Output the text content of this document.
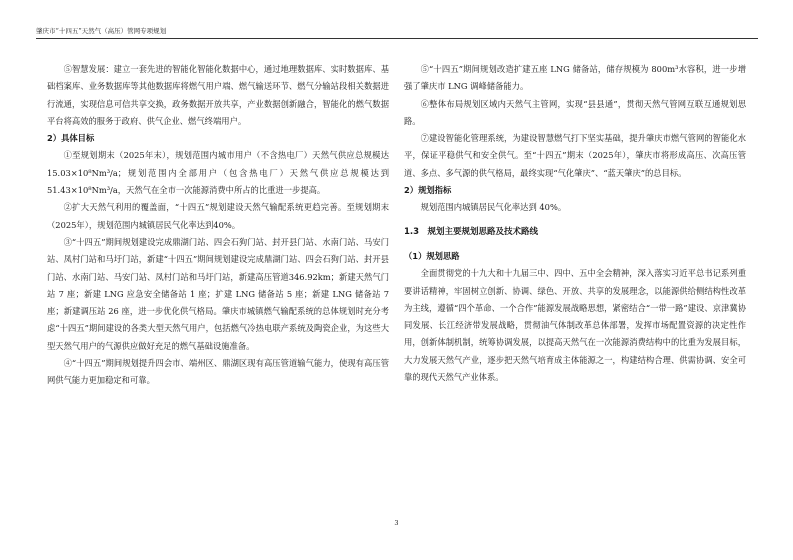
肇庆市“十四五”天然气（高压）管网专项规划

⑤智慧发展：建立一套先进的智能化智能化数据中心，通过地理数据库、实时数据库、基础档案库、业务数据库等其他数据库将燃气用户端、燃气输送环节、燃气分输站段相关数据进行流通，实现信息可信共享交换，政务数据开放共享，产业数据创新融合，智能化的燃气数据平台将高效的服务于政府、供气企业、燃气终端用户。

2）具体目标

①至规划期末（2025年末），规划范围内城市用户（不含热电厂）天然气供应总规模达15.03×10⁸Nm³/a；规划范围内全部用户（包含热电厂）天然气供应总规模达到51.43×10⁸Nm³/a，天然气在全市一次能源消费中所占的比重进一步提高。

②扩大天然气利用的覆盖面，“十四五”规划建设天然气输配系统更趋完善。至规划期末（2025年），规划范围内城镇居民气化率达到40%。

③“十四五”期间规划建设完成鼎湖门站、四会石狗门站、封开县门站、水南门站、马安门站、凤村门站和马圩门站，新建“十四五”期间规划建设完成鼎湖门站、四会石狗门站、封开县门站、水南门站、马安门站、凤村门站和马圩门站，新建高压管道346.92km；新建天然气门站 7 座；新建 LNG 应急安全储备站 1 座；扩建 LNG 储备站 5 座；新建 LNG 储备站 7 座；新建调压站 26 座，进一步优化供气格局。肇庆市城镇燃气输配系统的总体规划时充分考虑“十四五”期间建设的各类大型天然气用户，包括燃气冷热电联产系统及陶瓷企业，为这些大型天然气用户的气源供应做好充足的燃气基础设施准备。

④“十四五”期间规划提升四会市、端州区、鼎湖区现有高压管道输气能力，使现有高压管网供气能力更加稳定和可靠。

⑤“十四五”期间规划改造扩建五座 LNG 储备站，储存规模为 800m³水容积，进一步增强了肇庆市 LNG 调峰储备能力。

⑥整体布局规划区域内天然气主管网，实现“县县通”，贯彻天然气管网互联互通规划思路。

⑦建设智能化管理系统，为建设智慧燃气打下坚实基础，提升肇庆市燃气管网的智能化水平，保证平稳供气和安全供气。至“十四五”期末（2025年），肇庆市将形成高压、次高压管道、多点、多气源的供气格局，最终实现“气化肇庆”、“蓝天肇庆”的总目标。

2）规划指标

规划范围内城镇居民气化率达到 40%。

1.3　规划主要规划思路及技术路线

（1）规划思路

全面贯彻党的十九大和十九届三中、四中、五中全会精神，深入落实习近平总书记系列重要讲话精神，牢固树立创新、协调、绿色、开放、共享的发展理念，以能源供给侧结构性改革为主线，遵循“四个革命、一个合作”能源发展战略思想，紧密结合“一带一路”建设、京津冀协同发展、长江经济带发展战略，贯彻油气体制改革总体部署，发挥市场配置资源的决定性作用，创新体制机制，统筹协调发展，以提高天然气在一次能源消费结构中的比重为发展目标，大力发展天然气产业，逐步把天然气培育成主体能源之一，构建结构合理、供需协调、安全可靠的现代天然气产业体系。

3
